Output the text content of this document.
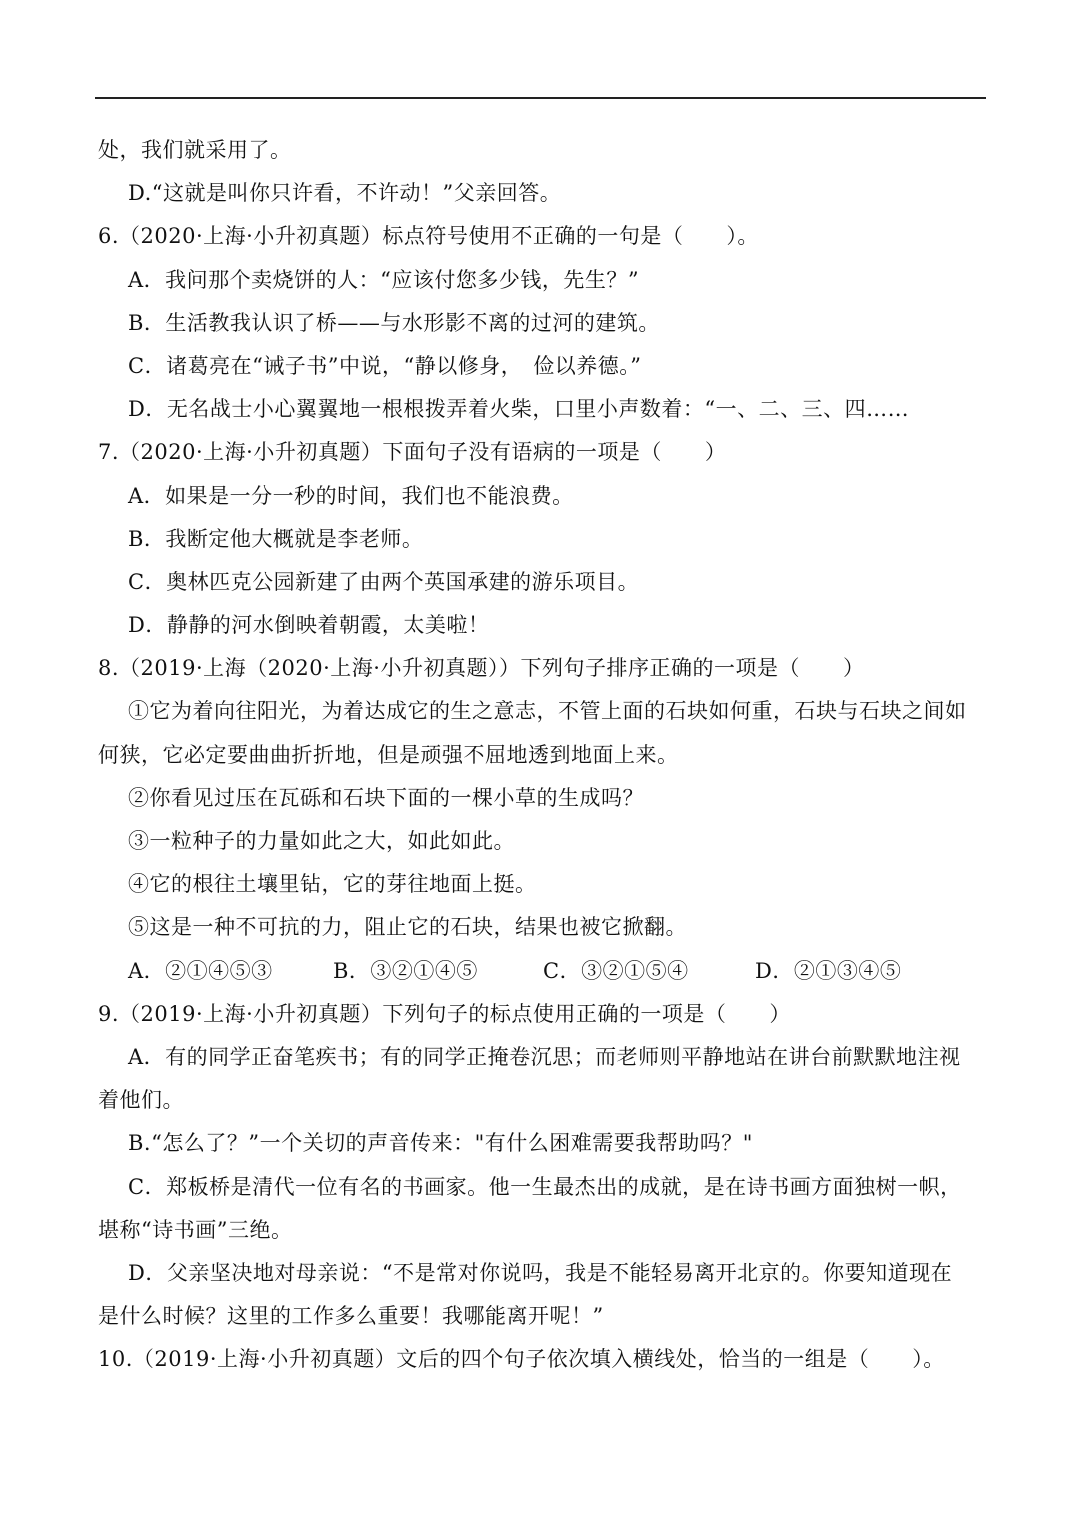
处，我们就采用了。
D.“这就是叫你只许看，不许动！”父亲回答。
6.（2020·上海·小升初真题）标点符号使用不正确的一句是（　　）。
A．我问那个卖烧饼的人：“应该付您多少钱，先生？”
B．生活教我认识了桥——与水形影不离的过河的建筑。
C．诸葛亮在“诫子书”中说，“静以修身，　俭以养德。”
D．无名战士小心翼翼地一根根拨弄着火柴，口里小声数着：“一、二、三、四……
7.（2020·上海·小升初真题）下面句子没有语病的一项是（　　）
A．如果是一分一秒的时间，我们也不能浪费。
B．我断定他大概就是李老师。
C．奥林匹克公园新建了由两个英国承建的游乐项目。
D．静静的河水倒映着朝霞，太美啦！
8.（2019·上海（2020·上海·小升初真题））下列句子排序正确的一项是（　　）
①它为着向往阳光，为着达成它的生之意志，不管上面的石块如何重，石块与石块之间如
何狭，它必定要曲曲折折地，但是顽强不屈地透到地面上来。
②你看见过压在瓦砾和石块下面的一棵小草的生成吗？
③一粒种子的力量如此之大，如此如此。
④它的根往土壤里钻，它的芽往地面上挺。
⑤这是一种不可抗的力，阻止它的石块，结果也被它掀翻。
A．②①④⑤③	B．③②①④⑤	C．③②①⑤④	D．②①③④⑤
9.（2019·上海·小升初真题）下列句子的标点使用正确的一项是（　　）
A．有的同学正奋笔疾书；有的同学正掩卷沉思；而老师则平静地站在讲台前默默地注视
着他们。
B.“怎么了？”一个关切的声音传来："有什么困难需要我帮助吗？"
C．郑板桥是清代一位有名的书画家。他一生最杰出的成就，是在诗书画方面独树一帜，
堪称“诗书画”三绝。
D．父亲坚决地对母亲说：“不是常对你说吗，我是不能轻易离开北京的。你要知道现在
是什么时候？这里的工作多么重要！我哪能离开呢！”
10.（2019·上海·小升初真题）文后的四个句子依次填入横线处，恰当的一组是（　　）。
